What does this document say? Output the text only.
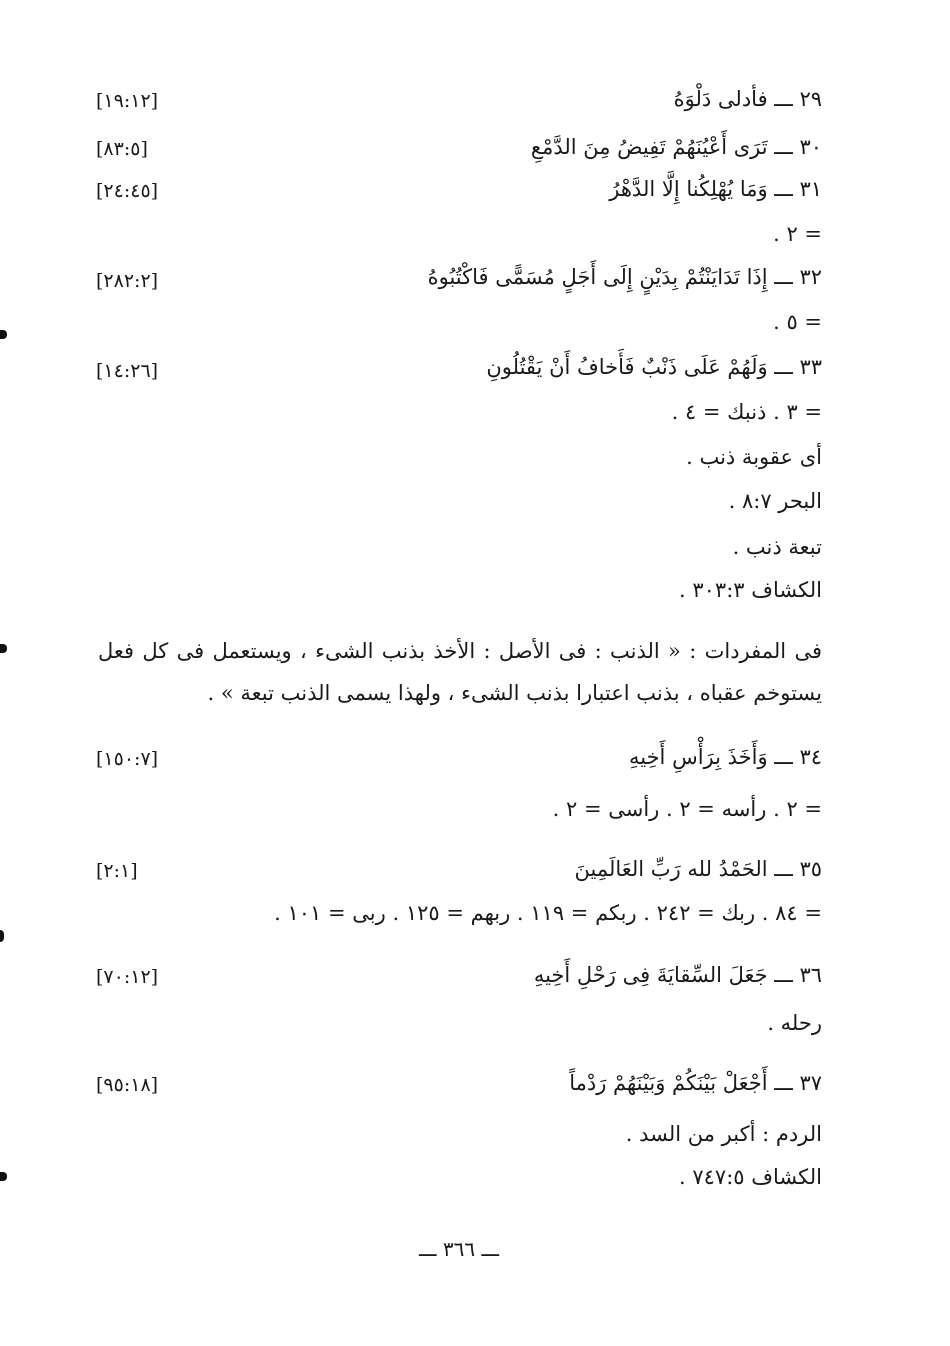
٢٩ ـــ فأدلى دَلْوَهُ
[١٩:١٢]
٣٠ ـــ تَرَى أَعْيُنَهُمْ تَفِيضُ مِنَ الدَّمْعِ
[٨٣:٥]
٣١ ـــ وَمَا يُهْلِكُنا إِلَّا الدَّهْرُ
[٢٤:٤٥]
= ٢ .
٣٢ ـــ إِذَا تَدَايَنْتُمْ بِدَيْنٍ إِلَى أَجَلٍ مُسَمًّى فَاكْتُبُوهُ
[٢٨٢:٢]
= ٥ .
٣٣ ـــ وَلَهُمْ عَلَى ذَنْبٌ فَأَخافُ أَنْ يَقْتُلُونِ
[١٤:٢٦]
= ٣ . ذنبك = ٤ .
أى عقوبة ذنب .
البحر ٨:٧ .
تبعة ذنب .
الكشاف ٣٠٣:٣ .
فى المفردات : « الذنب : فى الأصل : الأخذ بذنب الشىء ، ويستعمل فى كل فعل يستوخم عقباه ، بذنب اعتبارا بذنب الشىء ، ولهذا يسمى الذنب تبعة » .
٣٤ ـــ وَأَخَذَ بِرَأْسِ أَخِيهِ
[١٥٠:٧]
= ٢ . رأسه = ٢ . رأسى = ٢ .
٣٥ ـــ الحَمْدُ لله رَبِّ العَالَمِينَ
[٢:١]
= ٨٤ . ربك = ٢٤٢ . ربكم = ١١٩ . ربهم = ١٢٥ . ربى = ١٠١ .
٣٦ ـــ جَعَلَ السِّقايَةَ فِى رَحْلِ أَخِيهِ
[٧٠:١٢]
رحله .
٣٧ ـــ أَجْعَلْ بَيْنَكُمْ وَبَيْنَهُمْ رَدْماً
[٩٥:١٨]
الردم : أكبر من السد .
الكشاف ٧٤٧:٥ .
ـــ ٣٦٦ ـــ
